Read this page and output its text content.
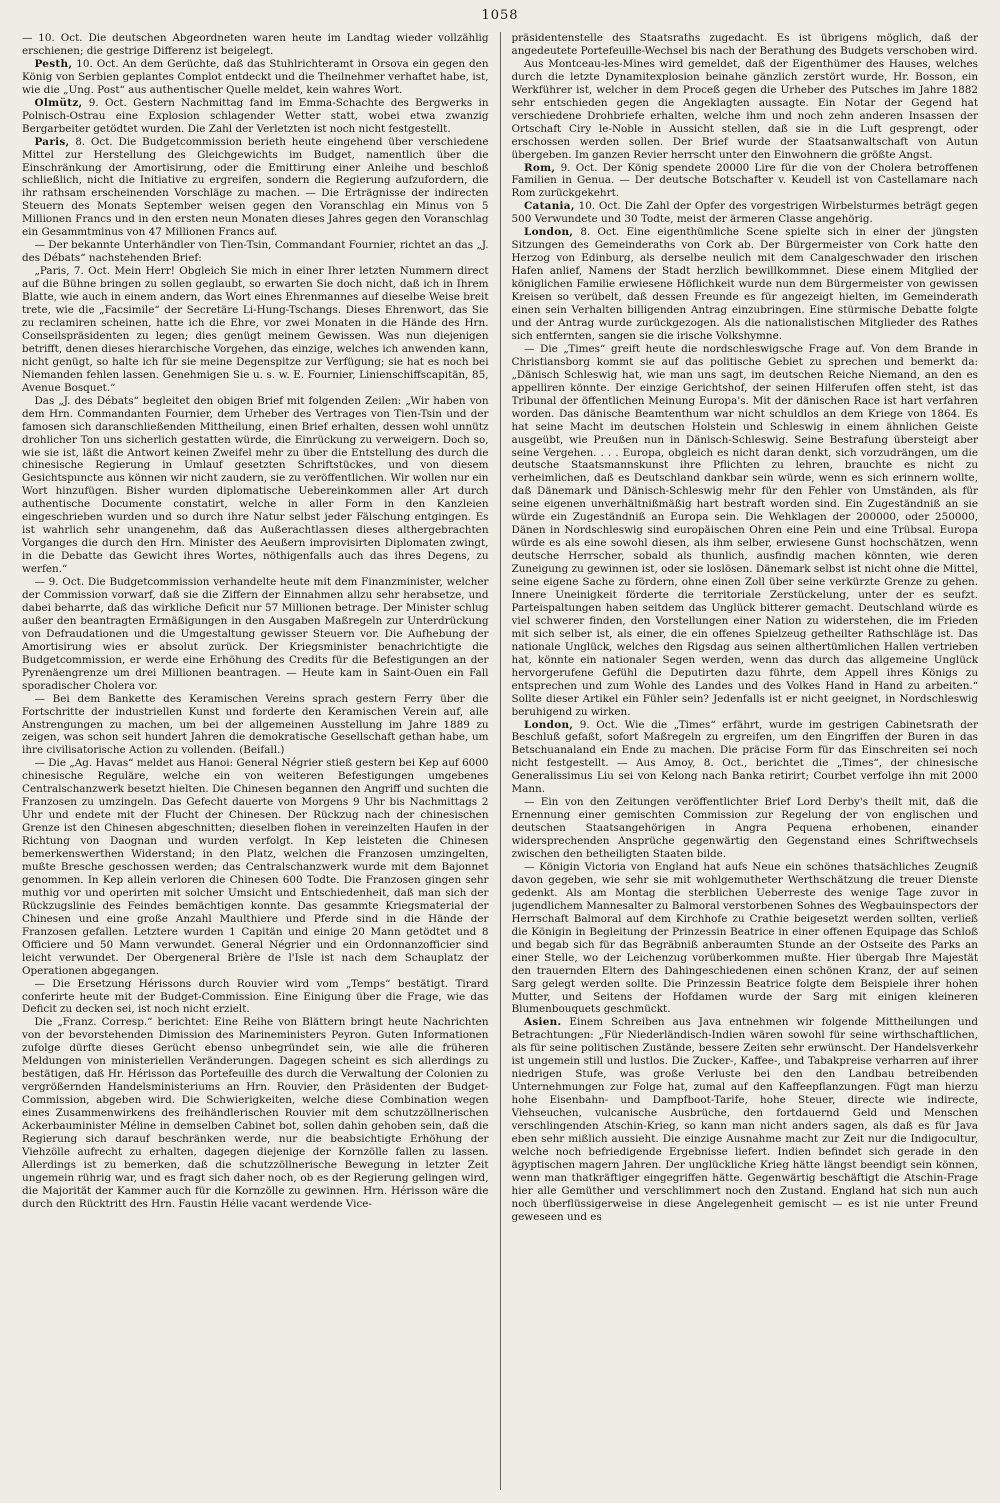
1058

— 10. Oct. Die deutschen Abgeordneten waren heute im Landtag wieder vollzählig erschienen; die gestrige Differenz ist beigelegt.

Pesth, 10. Oct. An dem Gerüchte, daß das Stuhlrichteramt in Orsova ein gegen den König von Serbien geplantes Complot entdeckt und die Theilnehmer verhaftet habe, ist, wie die „Ung. Post“ aus authentischer Quelle meldet, kein wahres Wort.

Olmütz, 9. Oct. Gestern Nachmittag fand im Emma-Schachte des Bergwerks in Polnisch-Ostrau eine Explosion schlagender Wetter statt, wobei etwa zwanzig Bergarbeiter getödtet wurden. Die Zahl der Verletzten ist noch nicht festgestellt.

Paris, 8. Oct. Die Budgetcommission berieth heute eingehend über verschiedene Mittel zur Herstellung des Gleichgewichts im Budget, namentlich über die Einschränkung der Amortisirung, oder die Emittirung einer Anleihe und beschloß schließlich, nicht die Initiative zu ergreifen, sondern die Regierung aufzufordern, die ihr rathsam erscheinenden Vorschläge zu machen. — Die Erträgnisse der indirecten Steuern des Monats September weisen gegen den Voranschlag ein Minus von 5 Millionen Francs und in den ersten neun Monaten dieses Jahres gegen den Voranschlag ein Gesammtminus von 47 Millionen Francs auf.

— Der bekannte Unterhändler von Tien-Tsin, Commandant Fournier, richtet an das „J. des Débats“ nachstehenden Brief:

„Paris, 7. Oct. Mein Herr! Obgleich Sie mich in einer Ihrer letzten Nummern direct auf die Bühne bringen zu sollen geglaubt, so erwarten Sie doch nicht, daß ich in Ihrem Blatte, wie auch in einem andern, das Wort eines Ehrenmannes auf dieselbe Weise breit trete, wie die „Facsimile“ der Secretäre Li-Hung-Tschangs. Dieses Ehrenwort, das Sie zu reclamiren scheinen, hatte ich die Ehre, vor zwei Monaten in die Hände des Hrn. Conseilspräsidenten zu legen; dies genügt meinem Gewissen. Was nun diejenigen betrifft, denen dieses hierarchische Vorgehen, das einzige, welches ich anwenden kann, nicht genügt, so halte ich für sie meine Degenspitze zur Verfügung; sie hat es noch bei Niemanden fehlen lassen. Genehmigen Sie u. s. w. E. Fournier, Linienschiffscapitän, 85, Avenue Bosquet.“

Das „J. des Débats“ begleitet den obigen Brief mit folgenden Zeilen: „Wir haben von dem Hrn. Commandanten Fournier, dem Urheber des Vertrages von Tien-Tsin und der famosen sich daranschließenden Mittheilung, einen Brief erhalten, dessen wohl unnütz drohlicher Ton uns sicherlich gestatten würde, die Einrückung zu verweigern. Doch so, wie sie ist, läßt die Antwort keinen Zweifel mehr zu über die Entstellung des durch die chinesische Regierung in Umlauf gesetzten Schriftstückes, und von diesem Gesichtspuncte aus können wir nicht zaudern, sie zu veröffentlichen. Wir wollen nur ein Wort hinzufügen. Bisher wurden diplomatische Uebereinkommen aller Art durch authentische Documente constatirt, welche in aller Form in den Kanzleien eingeschrieben wurden und so durch ihre Natur selbst jeder Fälschung entgingen. Es ist wahrlich sehr unangenehm, daß das Außerachtlassen dieses althergebrachten Vorganges die durch den Hrn. Minister des Aeußern improvisirten Diplomaten zwingt, in die Debatte das Gewicht ihres Wortes, nöthigenfalls auch das ihres Degens, zu werfen.“

— 9. Oct. Die Budgetcommission verhandelte heute mit dem Finanzminister, welcher der Commission vorwarf, daß sie die Ziffern der Einnahmen allzu sehr herabsetze, und dabei beharrte, daß das wirkliche Deficit nur 57 Millionen betrage. Der Minister schlug außer den beantragten Ermäßigungen in den Ausgaben Maßregeln zur Unterdrückung von Defraudationen und die Umgestaltung gewisser Steuern vor. Die Aufhebung der Amortisirung wies er absolut zurück. Der Kriegsminister benachrichtigte die Budgetcommission, er werde eine Erhöhung des Credits für die Befestigungen an der Pyrenäengrenze um drei Millionen beantragen. — Heute kam in Saint-Ouen ein Fall sporadischer Cholera vor.

— Bei dem Bankette des Keramischen Vereins sprach gestern Ferry über die Fortschritte der industriellen Kunst und forderte den Keramischen Verein auf, alle Anstrengungen zu machen, um bei der allgemeinen Ausstellung im Jahre 1889 zu zeigen, was schon seit hundert Jahren die demokratische Gesellschaft gethan habe, um ihre civilisatorische Action zu vollenden. (Beifall.)

— Die „Ag. Havas“ meldet aus Hanoi: General Négrier stieß gestern bei Kep auf 6000 chinesische Reguläre, welche ein von weiteren Befestigungen umgebenes Centralschanzwerk besetzt hielten. Die Chinesen begannen den Angriff und suchten die Franzosen zu umzingeln. Das Gefecht dauerte von Morgens 9 Uhr bis Nachmittags 2 Uhr und endete mit der Flucht der Chinesen. Der Rückzug nach der chinesischen Grenze ist den Chinesen abgeschnitten; dieselben flohen in vereinzelten Haufen in der Richtung von Daognan und wurden verfolgt. In Kep leisteten die Chinesen bemerkenswerthen Widerstand; in den Platz, welchen die Franzosen umzingelten, mußte Bresche geschossen werden; das Centralschanzwerk wurde mit dem Bajonnet genommen. In Kep allein verloren die Chinesen 600 Todte. Die Franzosen gingen sehr muthig vor und operirten mit solcher Umsicht und Entschiedenheit, daß man sich der Rückzugslinie des Feindes bemächtigen konnte. Das gesammte Kriegsmaterial der Chinesen und eine große Anzahl Maulthiere und Pferde sind in die Hände der Franzosen gefallen. Letztere wurden 1 Capitän und einige 20 Mann getödtet und 8 Officiere und 50 Mann verwundet. General Négrier und ein Ordonnanzofficier sind leicht verwundet. Der Obergeneral Brière de l'Isle ist nach dem Schauplatz der Operationen abgegangen.

— Die Ersetzung Hérissons durch Rouvier wird vom „Temps“ bestätigt. Tirard conferirte heute mit der Budget-Commission. Eine Einigung über die Frage, wie das Deficit zu decken sei, ist noch nicht erzielt.

Die „Franz. Corresp.“ berichtet: Eine Reihe von Blättern bringt heute Nachrichten von der bevorstehenden Dimission des Marineministers Peyron. Guten Informationen zufolge dürfte dieses Gerücht ebenso unbegründet sein, wie alle die früheren Meldungen von ministeriellen Veränderungen. Dagegen scheint es sich allerdings zu bestätigen, daß Hr. Hérisson das Portefeuille des durch die Verwaltung der Colonien zu vergrößernden Handelsministeriums an Hrn. Rouvier, den Präsidenten der Budget-Commission, abgeben wird. Die Schwierigkeiten, welche diese Combination wegen eines Zusammenwirkens des freihändlerischen Rouvier mit dem schutzzöllnerischen Ackerbauminister Méline in demselben Cabinet bot, sollen dahin gehoben sein, daß die Regierung sich darauf beschränken werde, nur die beabsichtigte Erhöhung der Viehzölle aufrecht zu erhalten, dagegen diejenige der Kornzölle fallen zu lassen. Allerdings ist zu bemerken, daß die schutzzöllnerische Bewegung in letzter Zeit ungemein rührig war, und es fragt sich daher noch, ob es der Regierung gelingen wird, die Majorität der Kammer auch für die Kornzölle zu gewinnen. Hrn. Hérisson wäre die durch den Rücktritt des Hrn. Faustin Hélie vacant werdende Vice-

präsidentenstelle des Staatsraths zugedacht. Es ist übrigens möglich, daß der angedeutete Portefeuille-Wechsel bis nach der Berathung des Budgets verschoben wird.

Aus Montceau-les-Mines wird gemeldet, daß der Eigenthümer des Hauses, welches durch die letzte Dynamitexplosion beinahe gänzlich zerstört wurde, Hr. Bosson, ein Werkführer ist, welcher in dem Proceß gegen die Urheber des Putsches im Jahre 1882 sehr entschieden gegen die Angeklagten aussagte. Ein Notar der Gegend hat verschiedene Drohbriefe erhalten, welche ihm und noch zehn anderen Insassen der Ortschaft Ciry le-Noble in Aussicht stellen, daß sie in die Luft gesprengt, oder erschossen werden sollen. Der Brief wurde der Staatsanwaltschaft von Autun übergeben. Im ganzen Revier herrscht unter den Einwohnern die größte Angst.

Rom, 9. Oct. Der König spendete 20000 Lire für die von der Cholera betroffenen Familien in Genua. — Der deutsche Botschafter v. Keudell ist von Castellamare nach Rom zurückgekehrt.

Catania, 10. Oct. Die Zahl der Opfer des vorgestrigen Wirbelsturmes beträgt gegen 500 Verwundete und 30 Todte, meist der ärmeren Classe angehörig.

London, 8. Oct. Eine eigenthümliche Scene spielte sich in einer der jüngsten Sitzungen des Gemeinderaths von Cork ab. Der Bürgermeister von Cork hatte den Herzog von Edinburg, als derselbe neulich mit dem Canalgeschwader den irischen Hafen anlief, Namens der Stadt herzlich bewillkommnet. Diese einem Mitglied der königlichen Familie erwiesene Höflichkeit wurde nun dem Bürgermeister von gewissen Kreisen so verübelt, daß dessen Freunde es für angezeigt hielten, im Gemeinderath einen sein Verhalten billigenden Antrag einzubringen. Eine stürmische Debatte folgte und der Antrag wurde zurückgezogen. Als die nationalistischen Mitglieder des Rathes sich entfernten, sangen sie die irische Volkshymne.

— Die „Times“ greift heute die nordschleswigsche Frage auf. Von dem Brande in Christiansborg kommt sie auf das politische Gebiet zu sprechen und bemerkt da: „Dänisch Schleswig hat, wie man uns sagt, im deutschen Reiche Niemand, an den es appelliren könnte. Der einzige Gerichtshof, der seinen Hilferufen offen steht, ist das Tribunal der öffentlichen Meinung Europa's. Mit der dänischen Race ist hart verfahren worden. Das dänische Beamtenthum war nicht schuldlos an dem Kriege von 1864. Es hat seine Macht im deutschen Holstein und Schleswig in einem ähnlichen Geiste ausgeübt, wie Preußen nun in Dänisch-Schleswig. Seine Bestrafung übersteigt aber seine Vergehen. . . . Europa, obgleich es nicht daran denkt, sich vorzudrängen, um die deutsche Staatsmannskunst ihre Pflichten zu lehren, brauchte es nicht zu verheimlichen, daß es Deutschland dankbar sein würde, wenn es sich erinnern wollte, daß Dänemark und Dänisch-Schleswig mehr für den Fehler von Umständen, als für seine eigenen unverhältnißmäßig hart bestraft worden sind. Ein Zugeständniß an sie würde ein Zugeständniß an Europa sein. Die Wehklagen der 200000, oder 250000, Dänen in Nordschleswig sind europäischen Ohren eine Pein und eine Trübsal. Europa würde es als eine sowohl diesen, als ihm selber, erwiesene Gunst hochschätzen, wenn deutsche Herrscher, sobald als thunlich, ausfindig machen könnten, wie deren Zuneigung zu gewinnen ist, oder sie loslösen. Dänemark selbst ist nicht ohne die Mittel, seine eigene Sache zu fördern, ohne einen Zoll über seine verkürzte Grenze zu gehen. Innere Uneinigkeit förderte die territoriale Zerstückelung, unter der es seufzt. Parteispaltungen haben seitdem das Unglück bitterer gemacht. Deutschland würde es viel schwerer finden, den Vorstellungen einer Nation zu widerstehen, die im Frieden mit sich selber ist, als einer, die ein offenes Spielzeug getheilter Rathschläge ist. Das nationale Unglück, welches den Rigsdag aus seinen althertümlichen Hallen vertrieben hat, könnte ein nationaler Segen werden, wenn das durch das allgemeine Unglück hervorgerufene Gefühl die Deputirten dazu führte, dem Appell ihres Königs zu entsprechen und zum Wohle des Landes und des Volkes Hand in Hand zu arbeiten.“ Sollte dieser Artikel ein Fühler sein? Jedenfalls ist er nicht geeignet, in Nordschleswig beruhigend zu wirken.

London, 9. Oct. Wie die „Times“ erfährt, wurde im gestrigen Cabinetsrath der Beschluß gefaßt, sofort Maßregeln zu ergreifen, um den Eingriffen der Buren in das Betschuanaland ein Ende zu machen. Die präcise Form für das Einschreiten sei noch nicht festgestellt. — Aus Amoy, 8. Oct., berichtet die „Times“, der chinesische Generalissimus Liu sei von Kelong nach Banka retirirt; Courbet verfolge ihn mit 2000 Mann.

— Ein von den Zeitungen veröffentlichter Brief Lord Derby's theilt mit, daß die Ernennung einer gemischten Commission zur Regelung der von englischen und deutschen Staatsangehörigen in Angra Pequena erhobenen, einander widersprechenden Ansprüche gegenwärtig den Gegenstand eines Schriftwechsels zwischen den betheiligten Staaten bilde.

— Königin Victoria von England hat aufs Neue ein schönes thatsächliches Zeugniß davon gegeben, wie sehr sie mit wohlgemutheter Werthschätzung die treuer Dienste gedenkt. Als am Montag die sterblichen Ueberreste des wenige Tage zuvor in jugendlichem Mannesalter zu Balmoral verstorbenen Sohnes des Wegbauinspectors der Herrschaft Balmoral auf dem Kirchhofe zu Crathie beigesetzt werden sollten, verließ die Königin in Begleitung der Prinzessin Beatrice in einer offenen Equipage das Schloß und begab sich für das Begräbniß anberaumten Stunde an der Ostseite des Parks an einer Stelle, wo der Leichenzug vorüberkommen mußte. Hier übergab Ihre Majestät den trauernden Eltern des Dahingeschiedenen einen schönen Kranz, der auf seinen Sarg gelegt werden sollte. Die Prinzessin Beatrice folgte dem Beispiele ihrer hohen Mutter, und Seitens der Hofdamen wurde der Sarg mit einigen kleineren Blumenbouquets geschmückt.

Asien. Einem Schreiben aus Java entnehmen wir folgende Mittheilungen und Betrachtungen: „Für Niederländisch-Indien wären sowohl für seine wirthschaftlichen, als für seine politischen Zustände, bessere Zeiten sehr erwünscht. Der Handelsverkehr ist ungemein still und lustlos. Die Zucker-, Kaffee-, und Tabakpreise verharren auf ihrer niedrigen Stufe, was große Verluste bei den den Landbau betreibenden Unternehmungen zur Folge hat, zumal auf den Kaffeepflanzungen. Fügt man hierzu hohe Eisenbahn- und Dampfboot-Tarife, hohe Steuer, directe wie indirecte, Viehseuchen, vulcanische Ausbrüche, den fortdauernd Geld und Menschen verschlingenden Atschin-Krieg, so kann man nicht anders sagen, als daß es für Java eben sehr mißlich aussieht. Die einzige Ausnahme macht zur Zeit nur die Indigocultur, welche noch befriedigende Ergebnisse liefert. Indien befindet sich gerade in den ägyptischen magern Jahren. Der unglückliche Krieg hätte längst beendigt sein können, wenn man thatkräftiger eingegriffen hätte. Gegenwärtig beschäftigt die Atschin-Frage hier alle Gemüther und verschlimmert noch den Zustand. England hat sich nun auch noch überflüssigerweise in diese Angelegenheit gemischt — es ist nie unter Freund geweseen und es
